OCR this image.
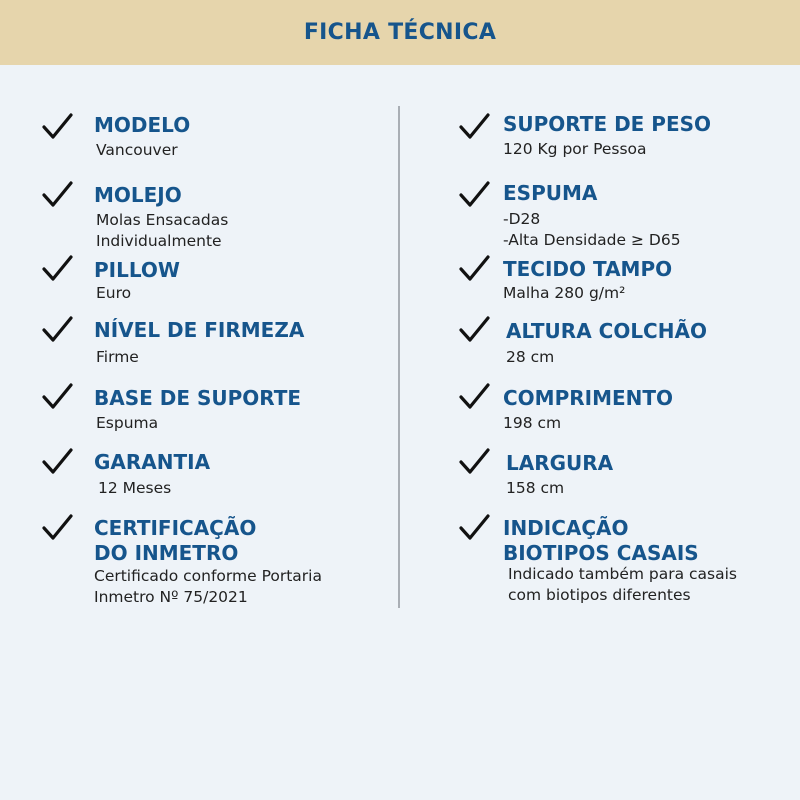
FICHA TÉCNICA
MODELO
Vancouver
MOLEJO
Molas Ensacadas
Individualmente
PILLOW
Euro
NÍVEL DE FIRMEZA
Firme
BASE DE SUPORTE
Espuma
GARANTIA
12 Meses
CERTIFICAÇÃO
DO INMETRO
Certificado conforme Portaria
Inmetro Nº 75/2021
SUPORTE DE PESO
120 Kg por Pessoa
ESPUMA
-D28
-Alta Densidade ≥ D65
TECIDO TAMPO
Malha 280 g/m²
ALTURA COLCHÃO
28 cm
COMPRIMENTO
198 cm
LARGURA
158 cm
INDICAÇÃO
BIOTIPOS CASAIS
Indicado também para casais
com biotipos diferentes
